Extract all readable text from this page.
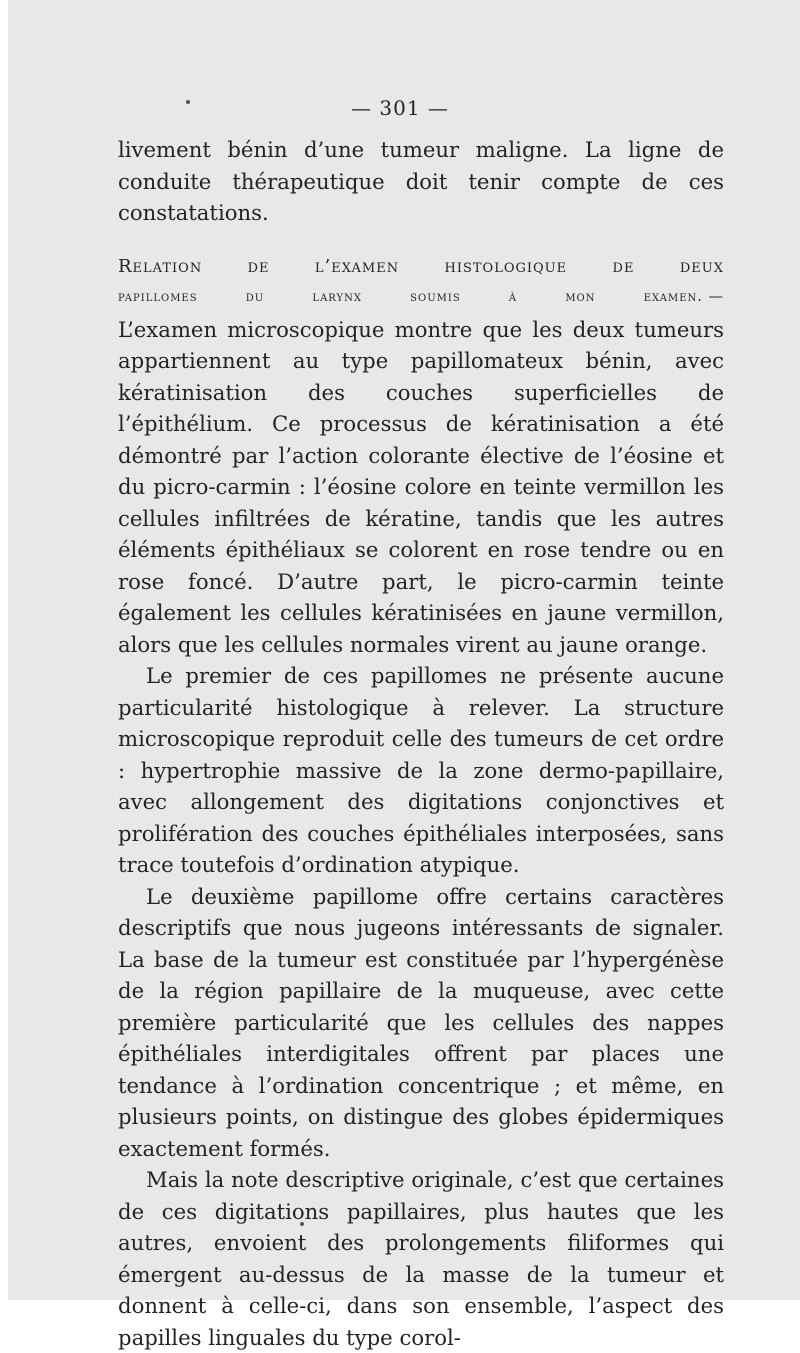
— 301 —

livement bénin d’une tumeur maligne. La ligne de conduite thérapeutique doit tenir compte de ces constatations.

Relation	de	l’examen	histologique	de	deux
papillomes	du	larynx	soumis	à	mon	examen. —

L’examen microscopique montre que les deux tumeurs appartiennent au type papillomateux bénin, avec kératinisation des couches superficielles de l’épithélium. Ce processus de kératinisation a été démontré par l’action colorante élective de l’éosine et du picro-carmin : l’éosine colore en teinte vermillon les cellules infiltrées de kératine, tandis que les autres éléments épithéliaux se colorent en rose tendre ou en rose foncé. D’autre part, le picro-carmin teinte également les cellules kératinisées en jaune vermillon, alors que les cellules normales virent au jaune orange.

Le premier de ces papillomes ne présente aucune particularité histologique à relever. La structure microscopique reproduit celle des tumeurs de cet ordre : hypertrophie massive de la zone dermo-papillaire, avec allongement des digitations conjonctives et prolifération des couches épithéliales interposées, sans trace toutefois d’ordination atypique.

Le deuxième papillome offre certains caractères descriptifs que nous jugeons intéressants de signaler. La base de la tumeur est constituée par l’hypergénèse de la région papillaire de la muqueuse, avec cette première particularité que les cellules des nappes épithéliales interdigitales offrent par places une tendance à l’ordination concentrique ; et même, en plusieurs points, on distingue des globes épidermiques exactement formés.

Mais la note descriptive originale, c’est que certaines de ces digitations papillaires, plus hautes que les autres, envoient des prolongements filiformes qui émergent au-dessus de la masse de la tumeur et donnent à celle-ci, dans son ensemble, l’aspect des papilles linguales du type corol-
